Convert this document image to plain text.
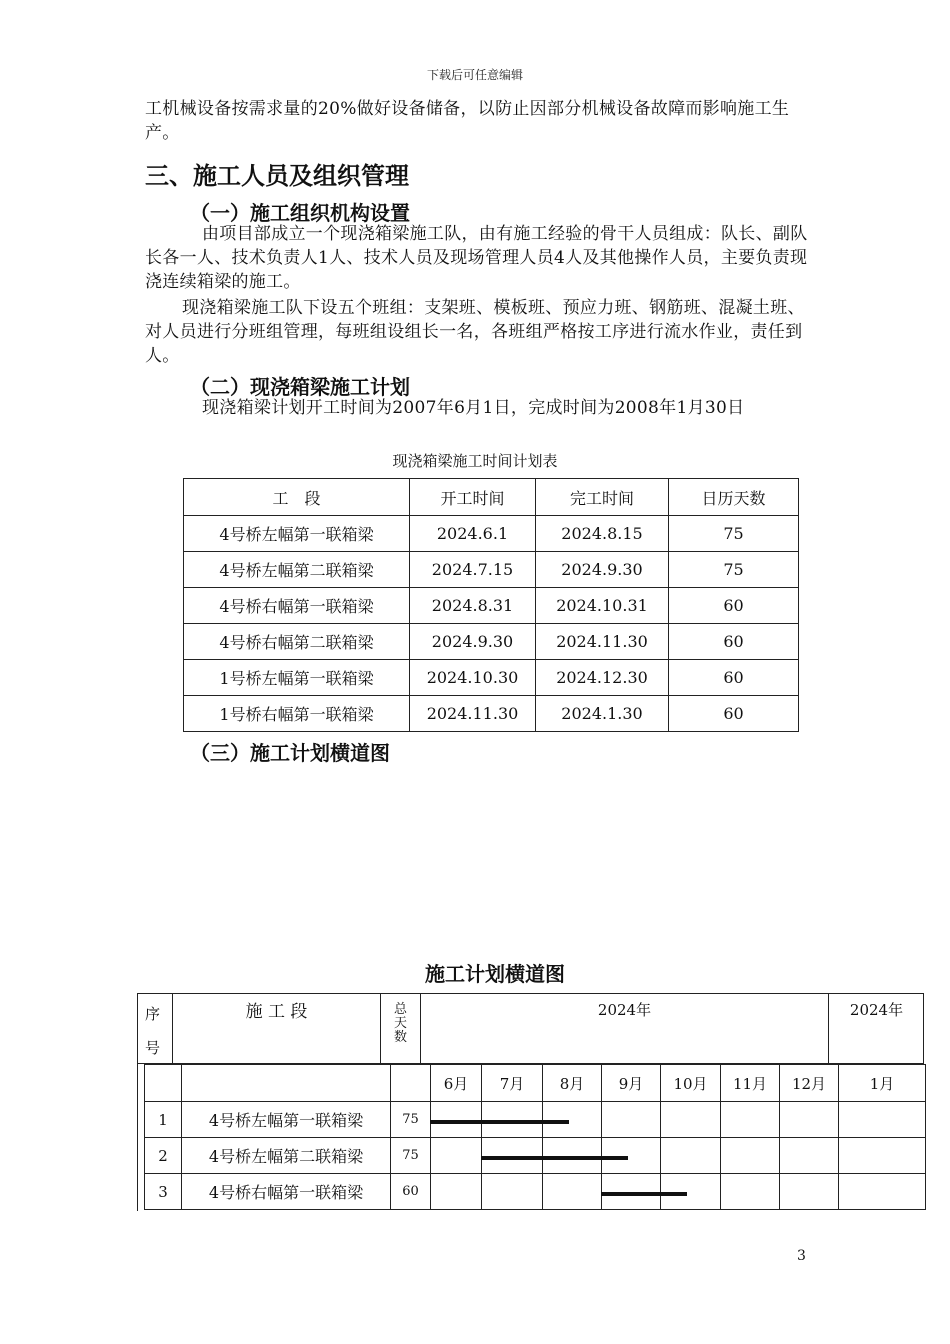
下载后可任意编辑
工机械设备按需求量的20%做好设备储备，以防止因部分机械设备故障而影响施工生产。
三、施工人员及组织管理
（一）施工组织机构设置
由项目部成立一个现浇箱梁施工队，由有施工经验的骨干人员组成：队长、副队长各一人、技术负责人1人、技术人员及现场管理人员4人及其他操作人员，主要负责现浇连续箱梁的施工。
现浇箱梁施工队下设五个班组：支架班、模板班、预应力班、钢筋班、混凝土班、对人员进行分班组管理，每班组设组长一名，各班组严格按工序进行流水作业，责任到人。
（二）现浇箱梁施工计划
现浇箱梁计划开工时间为2007年6月1日，完成时间为2008年1月30日
现浇箱梁施工时间计划表
工　段	开工时间	完工时间	日历天数
4号桥左幅第一联箱梁	2024.6.1	2024.8.15	75
4号桥左幅第二联箱梁	2024.7.15	2024.9.30	75
4号桥右幅第一联箱梁	2024.8.31	2024.10.31	60
4号桥右幅第二联箱梁	2024.9.30	2024.11.30	60
1号桥左幅第一联箱梁	2024.10.30	2024.12.30	60
1号桥右幅第一联箱梁	2024.11.30	2024.1.30	60
（三）施工计划横道图
施工计划横道图
序
号
施 工 段	总
天
数
2024年	2024年
6月	7月	8月	9月	10月	11月	12月	1月
1	4号桥左幅第一联箱梁	75
2	4号桥左幅第二联箱梁	75
3	4号桥右幅第一联箱梁	60
3
